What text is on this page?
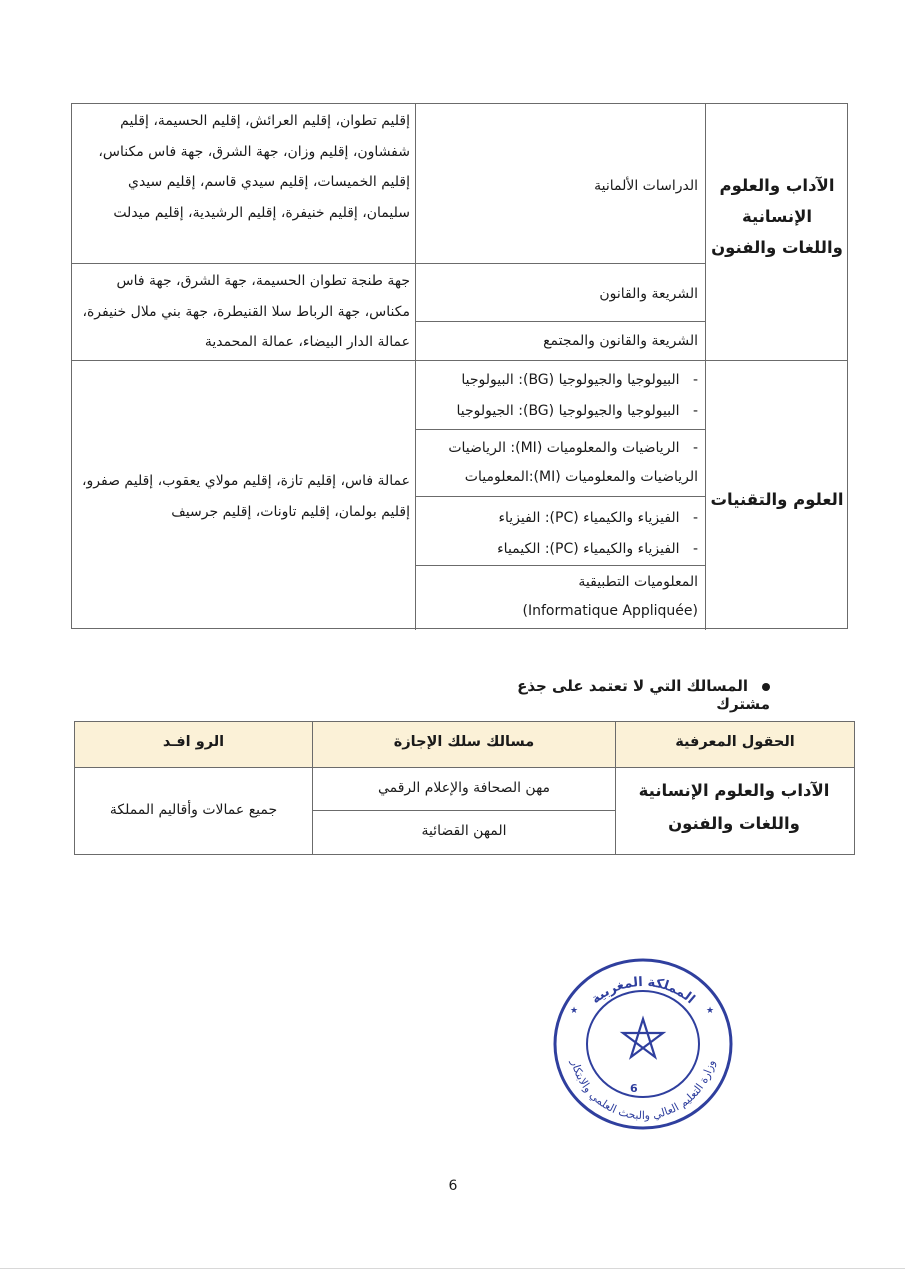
الآداب والعلوم الإنسانية واللغات والفنون
الدراسات الألمانية
إقليم تطوان، إقليم العرائش، إقليم الحسيمة، إقليم شفشاون، إقليم وزان، جهة الشرق، جهة فاس مكناس، إقليم الخميسات، إقليم سيدي قاسم، إقليم سيدي سليمان، إقليم خنيفرة، إقليم الرشيدية، إقليم ميدلت
الشريعة والقانون
الشريعة والقانون والمجتمع
جهة طنجة تطوان الحسيمة، جهة الشرق، جهة فاس مكناس، جهة الرباط سلا القنيطرة، جهة بني ملال خنيفرة، عمالة الدار البيضاء، عمالة المحمدية
العلوم والتقنيات
-   البيولوجيا والجيولوجيا (BG): البيولوجيا
-   البيولوجيا والجيولوجيا (BG): الجيولوجيا
-   الرياضيات والمعلوميات (MI): الرياضيات
الرياضيات والمعلوميات (MI):المعلوميات
-   الفيزياء والكيمياء (PC): الفيزياء
-   الفيزياء والكيمياء (PC): الكيمياء
المعلوميات التطبيقية
(Informatique Appliquée)
عمالة فاس، إقليم تازة، إقليم مولاي يعقوب، إقليم صفرو، إقليم بولمان، إقليم تاونات، إقليم جرسيف
المسالك التي لا تعتمد على جذع مشترك
الحقول المعرفية
مسالك سلك الإجازة
الرو افـد
الآداب والعلوم الإنسانية واللغات والفنون
مهن الصحافة والإعلام الرقمي
المهن القضائية
جميع عمالات وأقاليم المملكة
المملكة المغربية
وزارة التعليم العالي والبحث العلمي والابتكار
6
★	★
6
